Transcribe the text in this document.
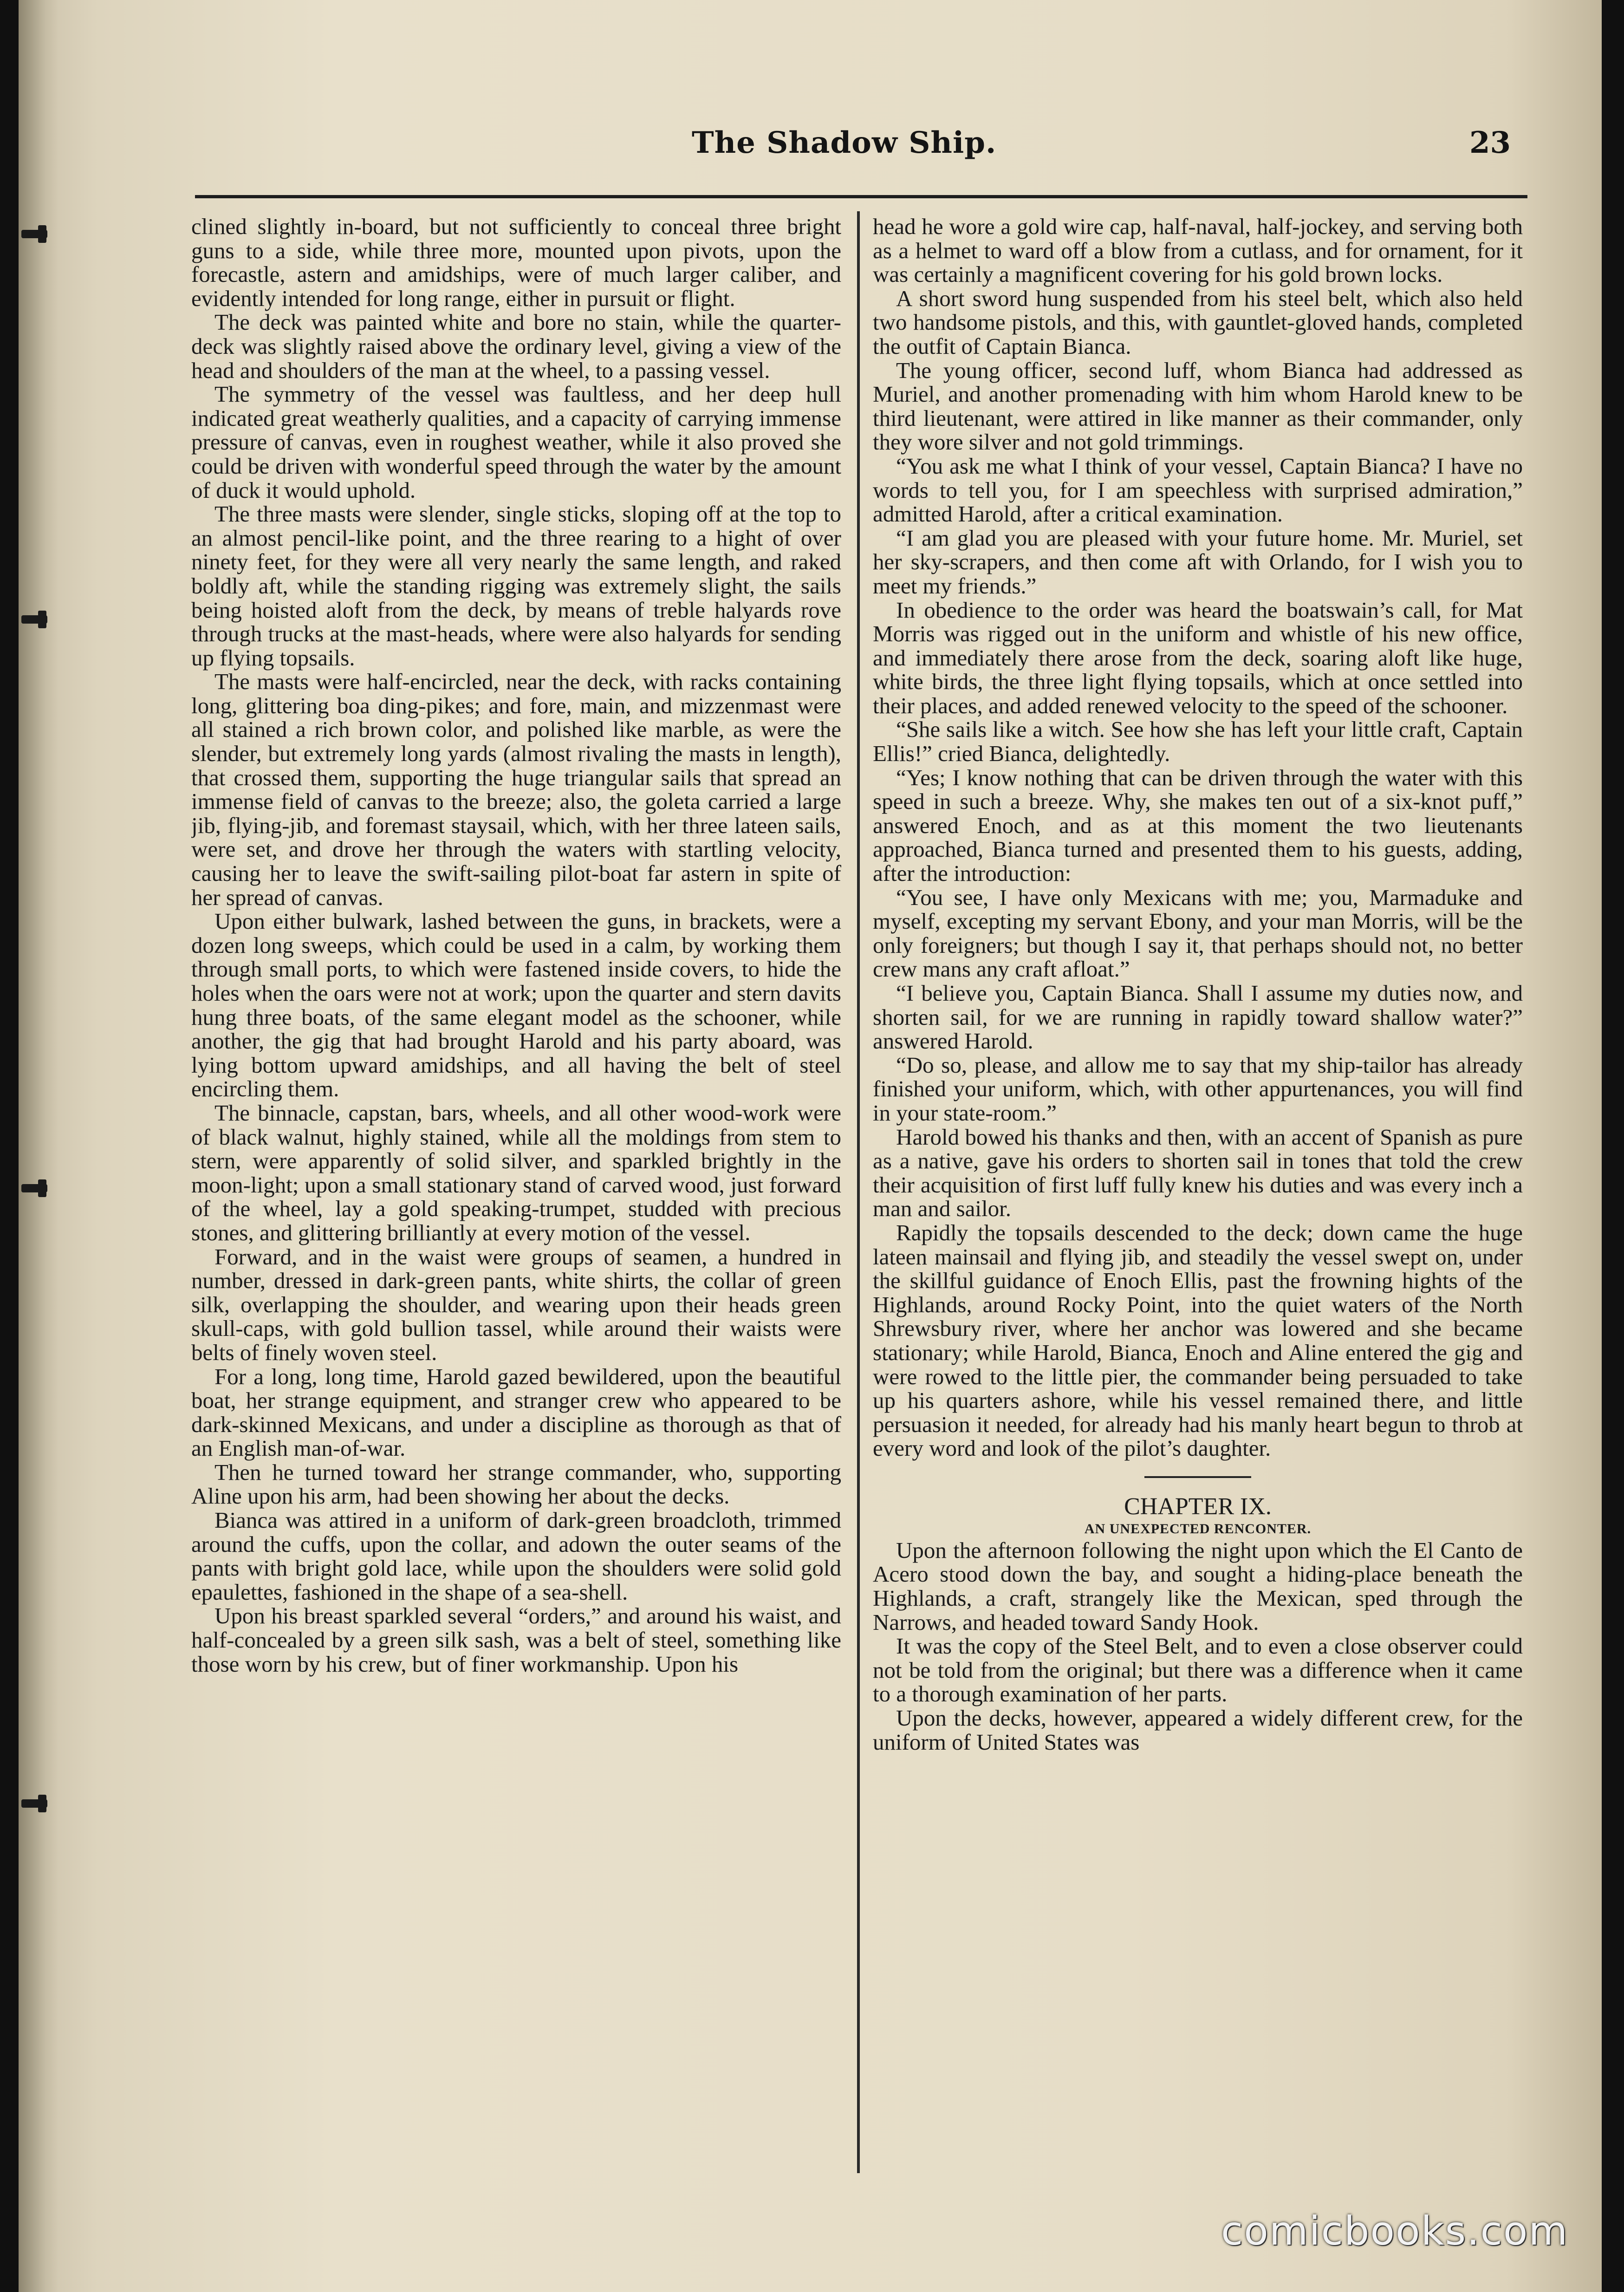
The Shadow Ship.	23

clined slightly in-board, but not sufficiently to conceal three bright guns to a side, while three more, mounted upon pivots, upon the forecastle, astern and amidships, were of much larger caliber, and evidently intended for long range, either in pursuit or flight.

The deck was painted white and bore no stain, while the quarter-deck was slightly raised above the ordinary level, giving a view of the head and shoulders of the man at the wheel, to a passing vessel.

The symmetry of the vessel was faultless, and her deep hull indicated great weatherly qualities, and a capacity of carrying immense pressure of canvas, even in roughest weather, while it also proved she could be driven with wonderful speed through the water by the amount of duck it would uphold.

The three masts were slender, single sticks, sloping off at the top to an almost pencil-like point, and the three rearing to a hight of over ninety feet, for they were all very nearly the same length, and raked boldly aft, while the standing rigging was extremely slight, the sails being hoisted aloft from the deck, by means of treble halyards rove through trucks at the mast-heads, where were also halyards for sending up flying topsails.

The masts were half-encircled, near the deck, with racks containing long, glittering boa ding-pikes; and fore, main, and mizzenmast were all stained a rich brown color, and polished like marble, as were the slender, but extremely long yards (almost rivaling the masts in length), that crossed them, supporting the huge triangular sails that spread an immense field of canvas to the breeze; also, the goleta carried a large jib, flying-jib, and foremast staysail, which, with her three lateen sails, were set, and drove her through the waters with startling velocity, causing her to leave the swift-sailing pilot-boat far astern in spite of her spread of canvas.

Upon either bulwark, lashed between the guns, in brackets, were a dozen long sweeps, which could be used in a calm, by working them through small ports, to which were fastened inside covers, to hide the holes when the oars were not at work; upon the quarter and stern davits hung three boats, of the same elegant model as the schooner, while another, the gig that had brought Harold and his party aboard, was lying bottom upward amidships, and all having the belt of steel encircling them.

The binnacle, capstan, bars, wheels, and all other wood-work were of black walnut, highly stained, while all the moldings from stem to stern, were apparently of solid silver, and sparkled brightly in the moon-light; upon a small stationary stand of carved wood, just forward of the wheel, lay a gold speaking-trumpet, studded with precious stones, and glittering brilliantly at every motion of the vessel.

Forward, and in the waist were groups of seamen, a hundred in number, dressed in dark-green pants, white shirts, the collar of green silk, overlapping the shoulder, and wearing upon their heads green skull-caps, with gold bullion tassel, while around their waists were belts of finely woven steel.

For a long, long time, Harold gazed bewildered, upon the beautiful boat, her strange equipment, and stranger crew who appeared to be dark-skinned Mexicans, and under a discipline as thorough as that of an English man-of-war.

Then he turned toward her strange commander, who, supporting Aline upon his arm, had been showing her about the decks.

Bianca was attired in a uniform of dark-green broadcloth, trimmed around the cuffs, upon the collar, and adown the outer seams of the pants with bright gold lace, while upon the shoulders were solid gold epaulettes, fashioned in the shape of a sea-shell.

Upon his breast sparkled several “orders,” and around his waist, and half-concealed by a green silk sash, was a belt of steel, something like those worn by his crew, but of finer workmanship. Upon his

head he wore a gold wire cap, half-naval, half-jockey, and serving both as a helmet to ward off a blow from a cutlass, and for ornament, for it was certainly a magnificent covering for his gold brown locks.

A short sword hung suspended from his steel belt, which also held two handsome pistols, and this, with gauntlet-gloved hands, completed the outfit of Captain Bianca.

The young officer, second luff, whom Bianca had addressed as Muriel, and another promenading with him whom Harold knew to be third lieutenant, were attired in like manner as their commander, only they wore silver and not gold trimmings.

“You ask me what I think of your vessel, Captain Bianca? I have no words to tell you, for I am speechless with surprised admiration,” admitted Harold, after a critical examination.

“I am glad you are pleased with your future home. Mr. Muriel, set her sky-scrapers, and then come aft with Orlando, for I wish you to meet my friends.”

In obedience to the order was heard the boatswain’s call, for Mat Morris was rigged out in the uniform and whistle of his new office, and immediately there arose from the deck, soaring aloft like huge, white birds, the three light flying topsails, which at once settled into their places, and added renewed velocity to the speed of the schooner.

“She sails like a witch. See how she has left your little craft, Captain Ellis!” cried Bianca, delightedly.

“Yes; I know nothing that can be driven through the water with this speed in such a breeze. Why, she makes ten out of a six-knot puff,” answered Enoch, and as at this moment the two lieutenants approached, Bianca turned and presented them to his guests, adding, after the introduction:

“You see, I have only Mexicans with me; you, Marmaduke and myself, excepting my servant Ebony, and your man Morris, will be the only foreigners; but though I say it, that perhaps should not, no better crew mans any craft afloat.”

“I believe you, Captain Bianca. Shall I assume my duties now, and shorten sail, for we are running in rapidly toward shallow water?” answered Harold.

“Do so, please, and allow me to say that my ship-tailor has already finished your uniform, which, with other appurtenances, you will find in your state-room.”

Harold bowed his thanks and then, with an accent of Spanish as pure as a native, gave his orders to shorten sail in tones that told the crew their acquisition of first luff fully knew his duties and was every inch a man and sailor.

Rapidly the topsails descended to the deck; down came the huge lateen mainsail and flying jib, and steadily the vessel swept on, under the skillful guidance of Enoch Ellis, past the frowning hights of the Highlands, around Rocky Point, into the quiet waters of the North Shrewsbury river, where her anchor was lowered and she became stationary; while Harold, Bianca, Enoch and Aline entered the gig and were rowed to the little pier, the commander being persuaded to take up his quarters ashore, while his vessel remained there, and little persuasion it needed, for already had his manly heart begun to throb at every word and look of the pilot’s daughter.

CHAPTER IX.

AN UNEXPECTED RENCONTER.

Upon the afternoon following the night upon which the El Canto de Acero stood down the bay, and sought a hiding-place beneath the Highlands, a craft, strangely like the Mexican, sped through the Narrows, and headed toward Sandy Hook.

It was the copy of the Steel Belt, and to even a close observer could not be told from the original; but there was a difference when it came to a thorough examination of her parts.

Upon the decks, however, appeared a widely different crew, for the uniform of United States was

comicbooks.com
